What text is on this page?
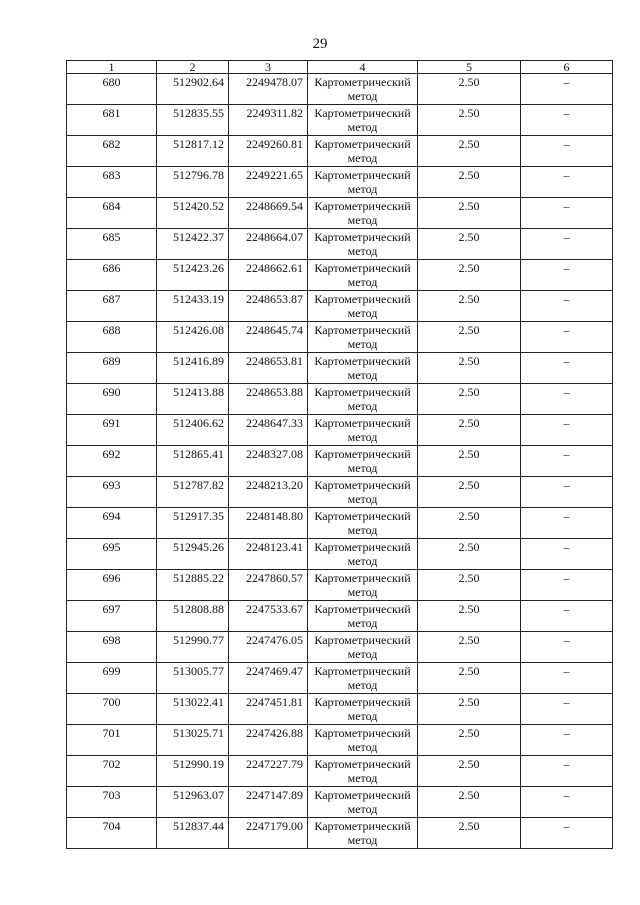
29
1	2	3	4	5	6
680	512902.64	2249478.07	Картометрический метод	2.50	–
681	512835.55	2249311.82	Картометрический метод	2.50	–
682	512817.12	2249260.81	Картометрический метод	2.50	–
683	512796.78	2249221.65	Картометрический метод	2.50	–
684	512420.52	2248669.54	Картометрический метод	2.50	–
685	512422.37	2248664.07	Картометрический метод	2.50	–
686	512423.26	2248662.61	Картометрический метод	2.50	–
687	512433.19	2248653.87	Картометрический метод	2.50	–
688	512426.08	2248645.74	Картометрический метод	2.50	–
689	512416.89	2248653.81	Картометрический метод	2.50	–
690	512413.88	2248653.88	Картометрический метод	2.50	–
691	512406.62	2248647.33	Картометрический метод	2.50	–
692	512865.41	2248327.08	Картометрический метод	2.50	–
693	512787.82	2248213.20	Картометрический метод	2.50	–
694	512917.35	2248148.80	Картометрический метод	2.50	–
695	512945.26	2248123.41	Картометрический метод	2.50	–
696	512885.22	2247860.57	Картометрический метод	2.50	–
697	512808.88	2247533.67	Картометрический метод	2.50	–
698	512990.77	2247476.05	Картометрический метод	2.50	–
699	513005.77	2247469.47	Картометрический метод	2.50	–
700	513022.41	2247451.81	Картометрический метод	2.50	–
701	513025.71	2247426.88	Картометрический метод	2.50	–
702	512990.19	2247227.79	Картометрический метод	2.50	–
703	512963.07	2247147.89	Картометрический метод	2.50	–
704	512837.44	2247179.00	Картометрический метод	2.50	–
